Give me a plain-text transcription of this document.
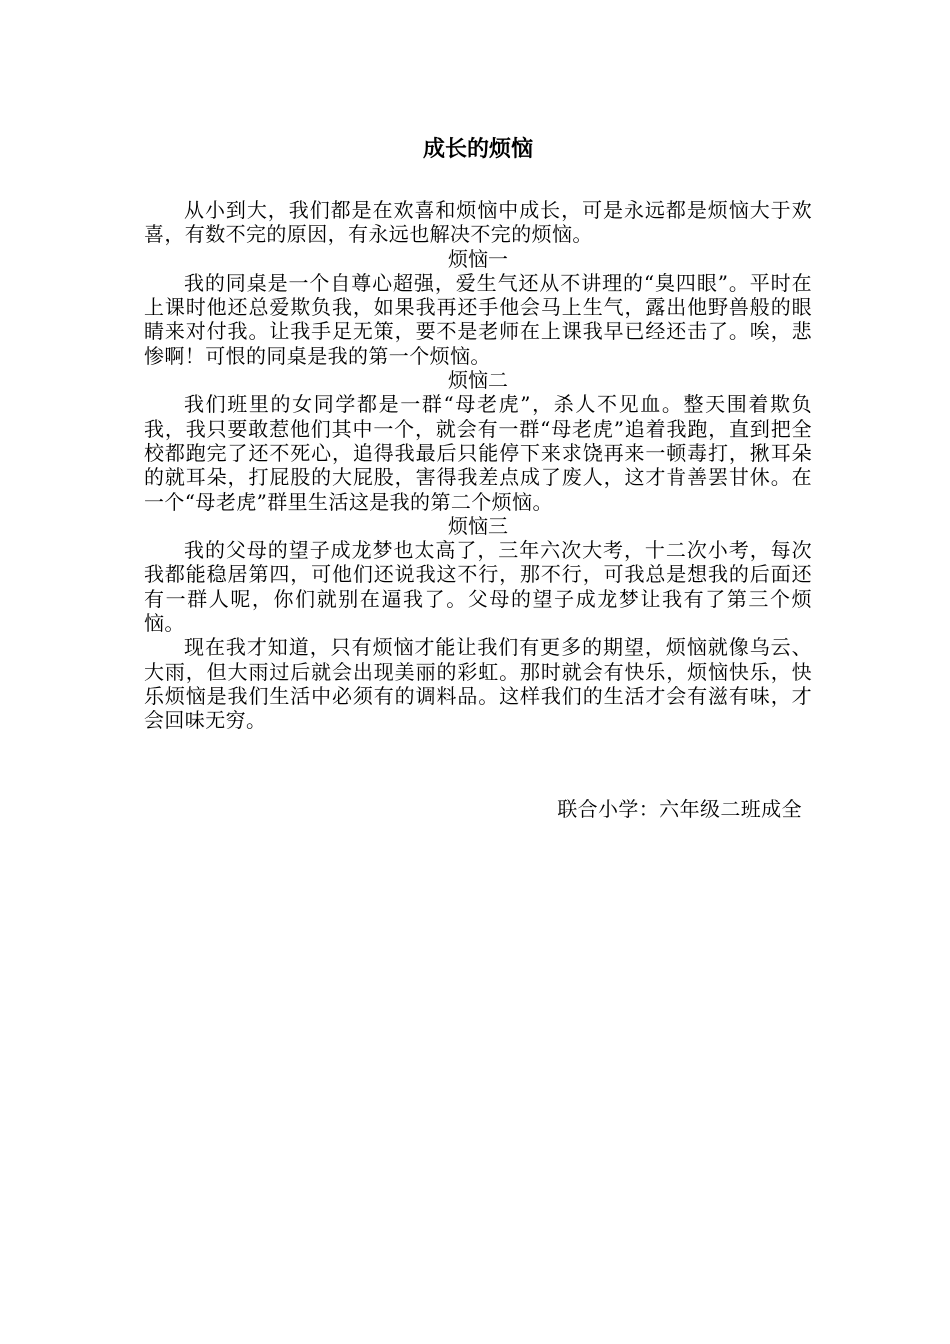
成长的烦恼

从小到大，我们都是在欢喜和烦恼中成长，可是永远都是烦恼大于欢喜，有数不完的原因，有永远也解决不完的烦恼。

烦恼一

我的同桌是一个自尊心超强，爱生气还从不讲理的“臭四眼”。平时在上课时他还总爱欺负我，如果我再还手他会马上生气，露出他野兽般的眼睛来对付我。让我手足无策，要不是老师在上课我早已经还击了。唉，悲惨啊！可恨的同桌是我的第一个烦恼。

烦恼二

我们班里的女同学都是一群“母老虎”，杀人不见血。整天围着欺负我，我只要敢惹他们其中一个，就会有一群“母老虎”追着我跑，直到把全校都跑完了还不死心，追得我最后只能停下来求饶再来一顿毒打，揪耳朵的就耳朵，打屁股的大屁股，害得我差点成了废人，这才肯善罢甘休。在一个“母老虎”群里生活这是我的第二个烦恼。

烦恼三

我的父母的望子成龙梦也太高了，三年六次大考，十二次小考，每次我都能稳居第四，可他们还说我这不行，那不行，可我总是想我的后面还有一群人呢，你们就别在逼我了。父母的望子成龙梦让我有了第三个烦恼。

现在我才知道，只有烦恼才能让我们有更多的期望，烦恼就像乌云、大雨，但大雨过后就会出现美丽的彩虹。那时就会有快乐，烦恼快乐，快乐烦恼是我们生活中必须有的调料品。这样我们的生活才会有滋有味，才会回味无穷。

联合小学：六年级二班成全
